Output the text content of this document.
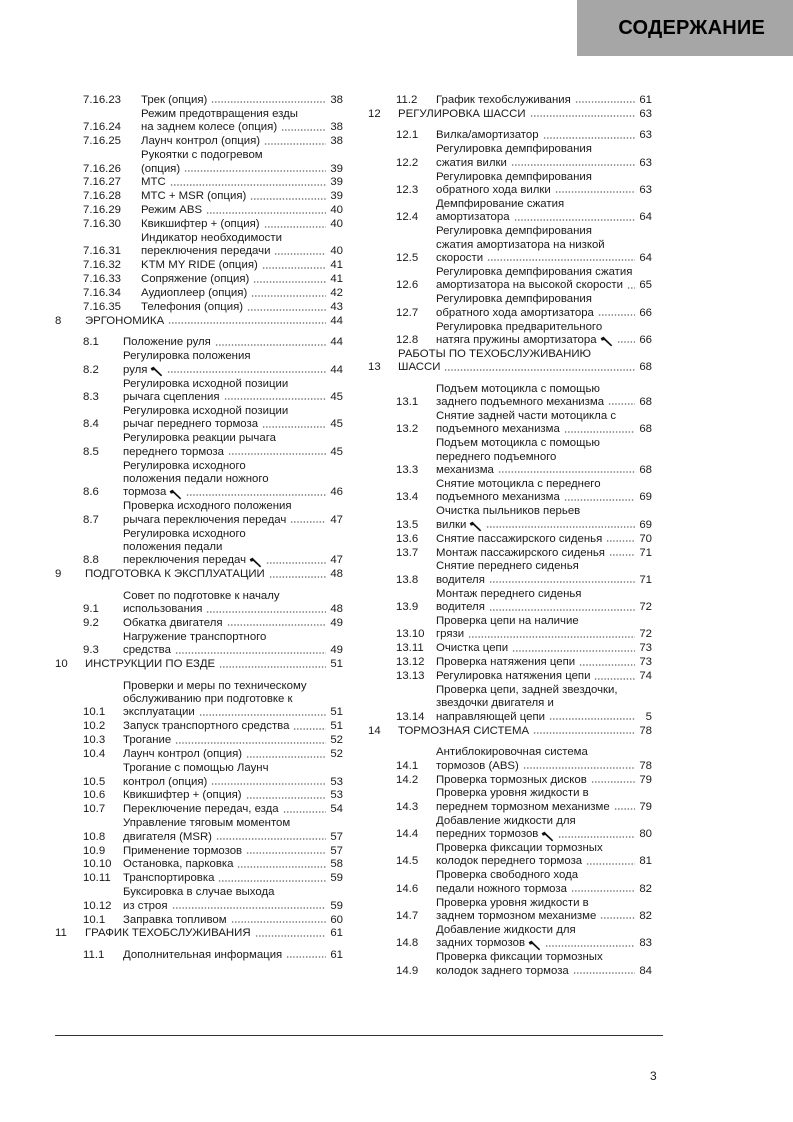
СОДЕРЖАНИЕ
7.16.23	Трек (опция)	38
7.16.24
Режим предотвращения езды
на заднем колесе (опция)	38
7.16.25	Лаунч контрол (опция)	38
7.16.26
Рукоятки с подогревом
(опция)	39
7.16.27	MTC	39
7.16.28	MTC + MSR (опция)	39
7.16.29	Режим ABS	40
7.16.30	Квикшифтер + (опция)	40
7.16.31
Индикатор необходимости
переключения передачи	40
7.16.32	KTM MY RIDE (опция)	41
7.16.33	Сопряжение (опция)	41
7.16.34	Аудиоплеер (опция)	42
7.16.35	Телефония (опция)	43
8	ЭРГОНОМИКА	44
8.1	Положение руля	44
8.2
Регулировка положения
руля	44
8.3
Регулировка исходной позиции
рычага сцепления	45
8.4
Регулировка исходной позиции
рычаг переднего тормоза	45
8.5
Регулировка реакции рычага
переднего тормоза	45
8.6
Регулировка исходного
положения педали ножного
тормоза	46
8.7
Проверка исходного положения
рычага переключения передач	47
8.8
Регулировка исходного
положения педали
переключения передач	47
9	ПОДГОТОВКА К ЭКСПЛУАТАЦИИ	48
9.1
Совет по подготовке к началу
использования	48
9.2	Обкатка двигателя	49
9.3
Нагружение транспортного
средства	49
10	ИНСТРУКЦИИ ПО ЕЗДЕ	51
10.1
Проверки и меры по техническому
обслуживанию при подготовке к
эксплуатации	51
10.2	Запуск транспортного средства	51
10.3	Трогание	52
10.4	Лаунч контрол (опция)	52
10.5
Трогание с помощью Лаунч
контрол (опция)	53
10.6	Квикшифтер + (опция)	53
10.7	Переключение передач, езда	54
10.8
Управление тяговым моментом
двигателя (MSR)	57
10.9	Применение тормозов	57
10.10	Остановка, парковка	58
10.11	Транспортировка	59
10.12
Буксировка в случае выхода
из строя	59
10.1	Заправка топливом	60
11	ГРАФИК ТЕХОБСЛУЖИВАНИЯ	61
11.1	Дополнительная информация	61
11.2	График техобслуживания	61
12	РЕГУЛИРОВКА ШАССИ	63
12.1	Вилка/амортизатор	63
12.2
Регулировка демпфирования
сжатия вилки	63
12.3
Регулировка демпфирования
обратного хода вилки	63
12.4
Демпфирование сжатия
амортизатора	64
12.5
Регулировка демпфирования
сжатия амортизатора на низкой
скорости	64
12.6
Регулировка демпфирования сжатия
амортизатора на высокой скорости 65
12.7
Регулировка демпфирования
обратного хода амортизатора	66
12.8
Регулировка предварительного
натяга пружины амортизатора	66
13
РАБОТЫ ПО ТЕХОБСЛУЖИВАНИЮ
ШАССИ	68
13.1
Подъем мотоцикла с помощью
заднего подъемного механизма	68
13.2
Снятие задней части мотоцикла с
подъемного механизма	68
13.3
Подъем мотоцикла с помощью
переднего подъемного
механизма	68
13.4
Снятие мотоцикла с переднего
подъемного механизма	69
13.5
Очистка пыльников перьев
вилки	69
13.6	Снятие пассажирского сиденья	70
13.7	Монтаж пассажирского сиденья	71
13.8
Снятие переднего сиденья
водителя	71
13.9
Монтаж переднего сиденья
водителя	72
13.10
Проверка цепи на наличие
грязи	72
13.11	Очистка цепи	73
13.12	Проверка натяжения цепи	73
13.13	Регулировка натяжения цепи	74
13.14
Проверка цепи, задней звездочки,
звездочки двигателя и
направляющей цепи	5
14	ТОРМОЗНАЯ СИСТЕМА	78
14.1
Антиблокировочная система
тормозов (ABS)	78
14.2	Проверка тормозных дисков	79
14.3
Проверка уровня жидкости в
переднем тормозном механизме	79
14.4
Добавление жидкости для
передних тормозов	80
14.5
Проверка фиксации тормозных
колодок переднего тормоза	81
14.6
Проверка свободного хода
педали ножного тормоза	82
14.7
Проверка уровня жидкости в
заднем тормозном механизме	82
14.8
Добавление жидкости для
задних тормозов	83
14.9
Проверка фиксации тормозных
колодок заднего тормоза	84
3
